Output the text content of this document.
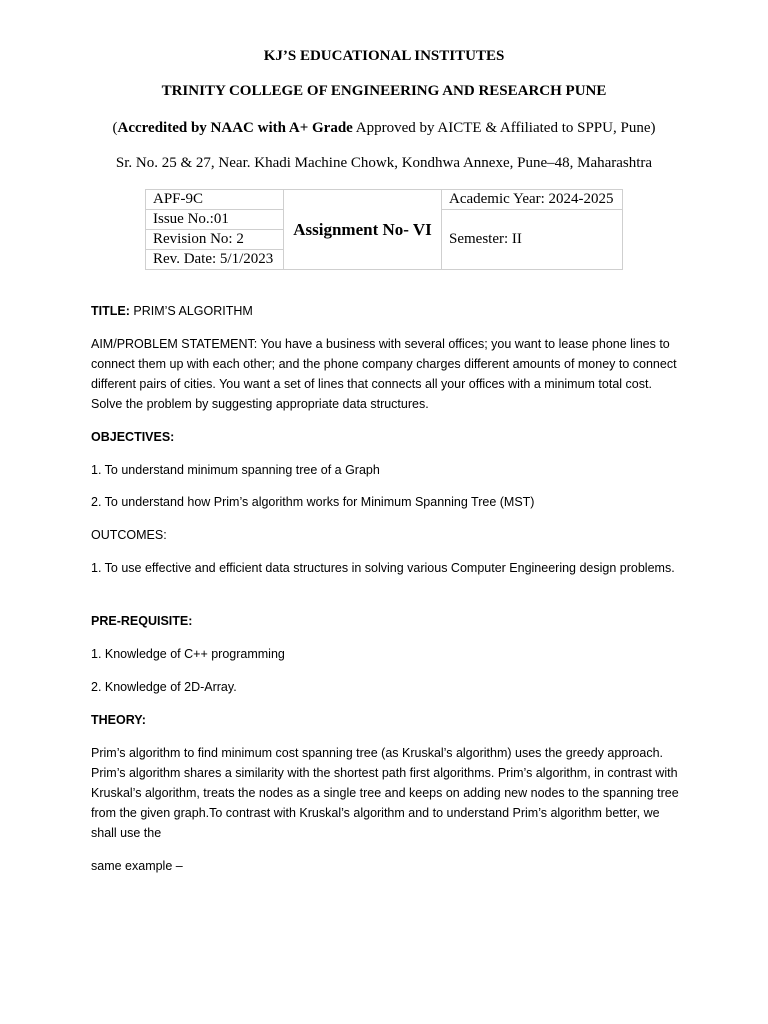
KJ’S EDUCATIONAL INSTITUTES
TRINITY COLLEGE OF ENGINEERING AND RESEARCH PUNE
(Accredited by NAAC with A+ Grade Approved by AICTE & Affiliated to SPPU, Pune)
Sr. No. 25 & 27, Near. Khadi Machine Chowk, Kondhwa Annexe, Pune–48, Maharashtra
APF-9C	Assignment No- VI	Academic Year: 2024-2025
Issue No.:01		Semester: II
Revision No: 2		
Rev. Date: 5/1/2023		
TITLE: PRIM’S ALGORITHM
AIM/PROBLEM STATEMENT: You have a business with several offices; you want to lease phone lines to connect them up with each other; and the phone company charges different amounts of money to connect different pairs of cities. You want a set of lines that connects all your offices with a minimum total cost. Solve the problem by suggesting appropriate data structures.
OBJECTIVES:
1. To understand minimum spanning tree of a Graph
2. To understand how Prim’s algorithm works for Minimum Spanning Tree (MST)
OUTCOMES:
1. To use effective and efficient data structures in solving various Computer Engineering design problems.
PRE-REQUISITE:
1. Knowledge of C++ programming
2. Knowledge of 2D-Array.
THEORY:
Prim’s algorithm to find minimum cost spanning tree (as Kruskal’s algorithm) uses the greedy approach. Prim’s algorithm shares a similarity with the shortest path first algorithms. Prim’s algorithm, in contrast with Kruskal’s algorithm, treats the nodes as a single tree and keeps on adding new nodes to the spanning tree from the given graph.To contrast with Kruskal’s algorithm and to understand Prim’s algorithm better, we shall use the
same example –
